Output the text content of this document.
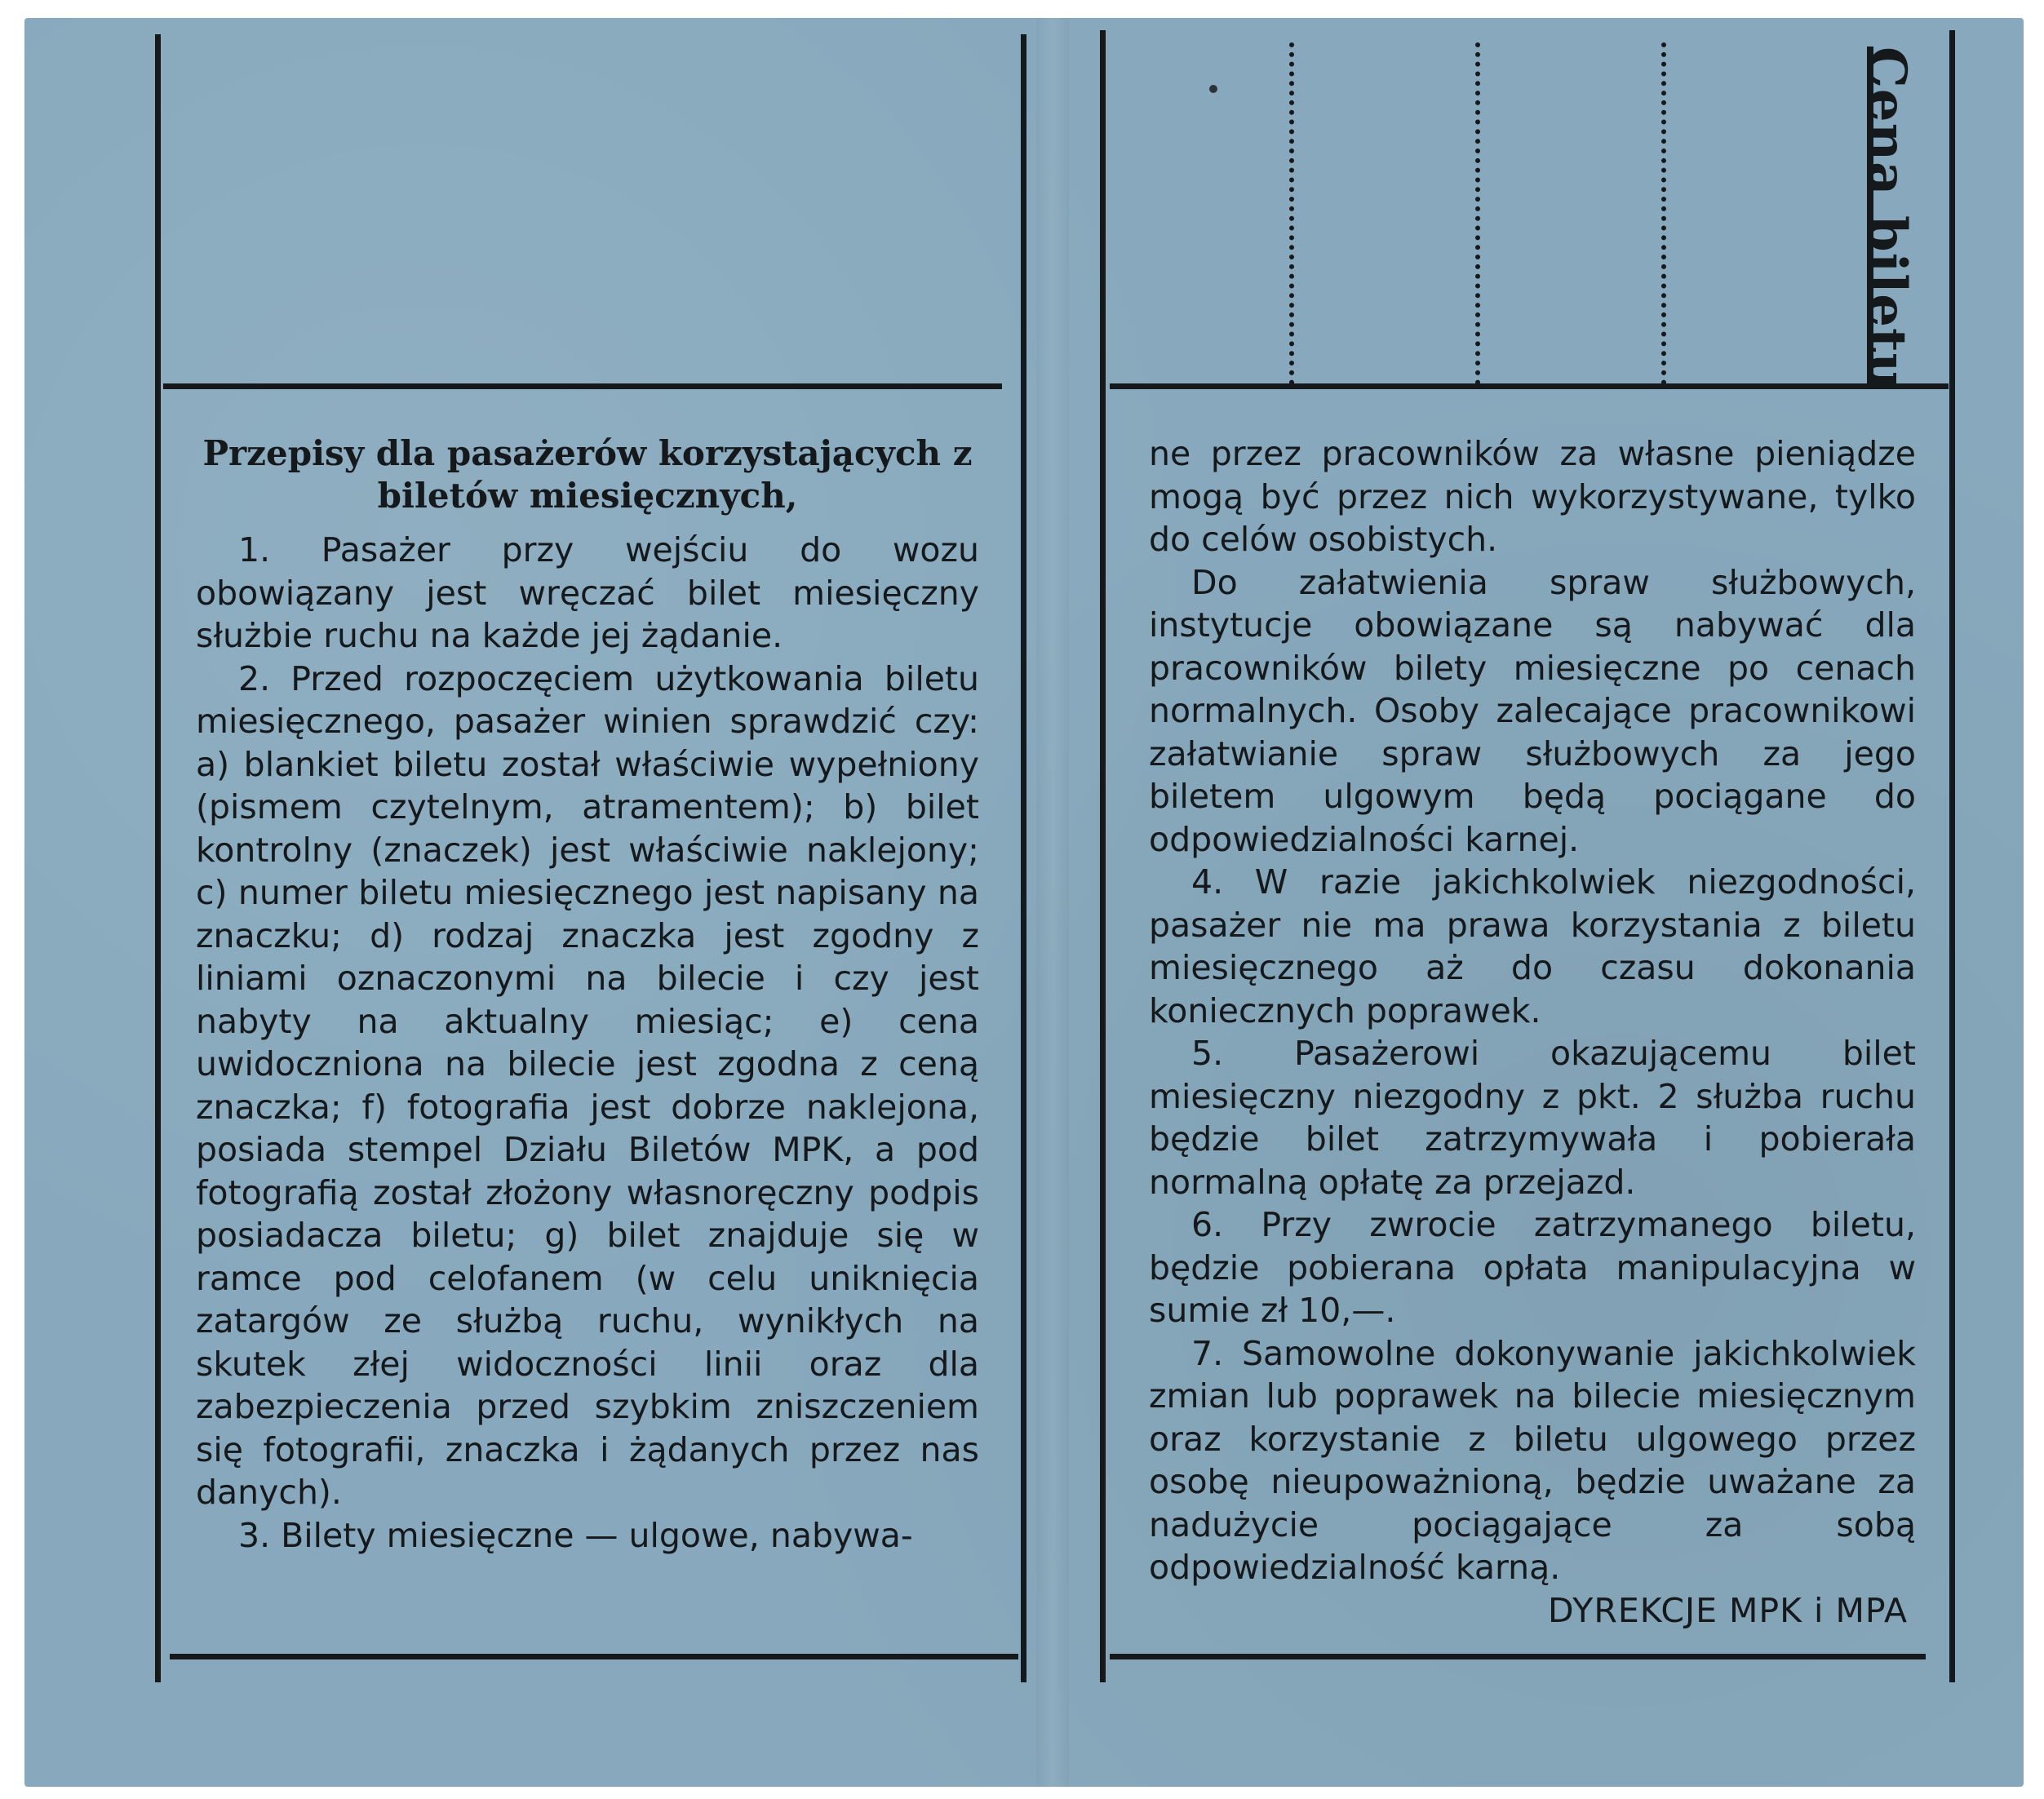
Cena biletu

Przepisy dla pasażerów korzystających z biletów miesięcznych,

1. Pasażer przy wejściu do wozu obowiązany jest wręczać bilet miesięczny służbie ruchu na każde jej żądanie.

2. Przed rozpoczęciem użytkowania biletu miesięcznego, pasażer winien sprawdzić czy: a) blankiet biletu został właściwie wypełniony (pismem czytelnym, atramentem); b) bilet kontrolny (znaczek) jest właściwie naklejony; c) numer biletu miesięcznego jest napisany na znaczku; d) rodzaj znaczka jest zgodny z liniami oznaczonymi na bilecie i czy jest nabyty na aktualny miesiąc; e) cena uwidoczniona na bilecie jest zgodna z ceną znaczka; f) fotografia jest dobrze naklejona, posiada stempel Działu Biletów MPK, a pod fotografią został złożony własnoręczny podpis posiadacza biletu; g) bilet znajduje się w ramce pod celofanem (w celu uniknięcia zatargów ze służbą ruchu, wynikłych na skutek złej widoczności linii oraz dla zabezpieczenia przed szybkim zniszczeniem się fotografii, znaczka i żądanych przez nas danych).

3. Bilety miesięczne — ulgowe, nabywa-

ne przez pracowników za własne pieniądze mogą być przez nich wykorzystywane, tylko do celów osobistych.

Do załatwienia spraw służbowych, instytucje obowiązane są nabywać dla pracowników bilety miesięczne po cenach normalnych. Osoby zalecające pracownikowi załatwianie spraw służbowych za jego biletem ulgowym będą pociągane do odpowiedzialności karnej.

4. W razie jakichkolwiek niezgodności, pasażer nie ma prawa korzystania z biletu miesięcznego aż do czasu dokonania koniecznych poprawek.

5. Pasażerowi okazującemu bilet miesięczny niezgodny z pkt. 2 służba ruchu będzie bilet zatrzymywała i pobierała normalną opłatę za przejazd.

6. Przy zwrocie zatrzymanego biletu, będzie pobierana opłata manipulacyjna w sumie zł 10,—.

7. Samowolne dokonywanie jakichkolwiek zmian lub poprawek na bilecie miesięcznym oraz korzystanie z biletu ulgowego przez osobę nieupoważnioną, będzie uważane za nadużycie pociągające za sobą odpowiedzialność karną.

DYREKCJE MPK i MPA
